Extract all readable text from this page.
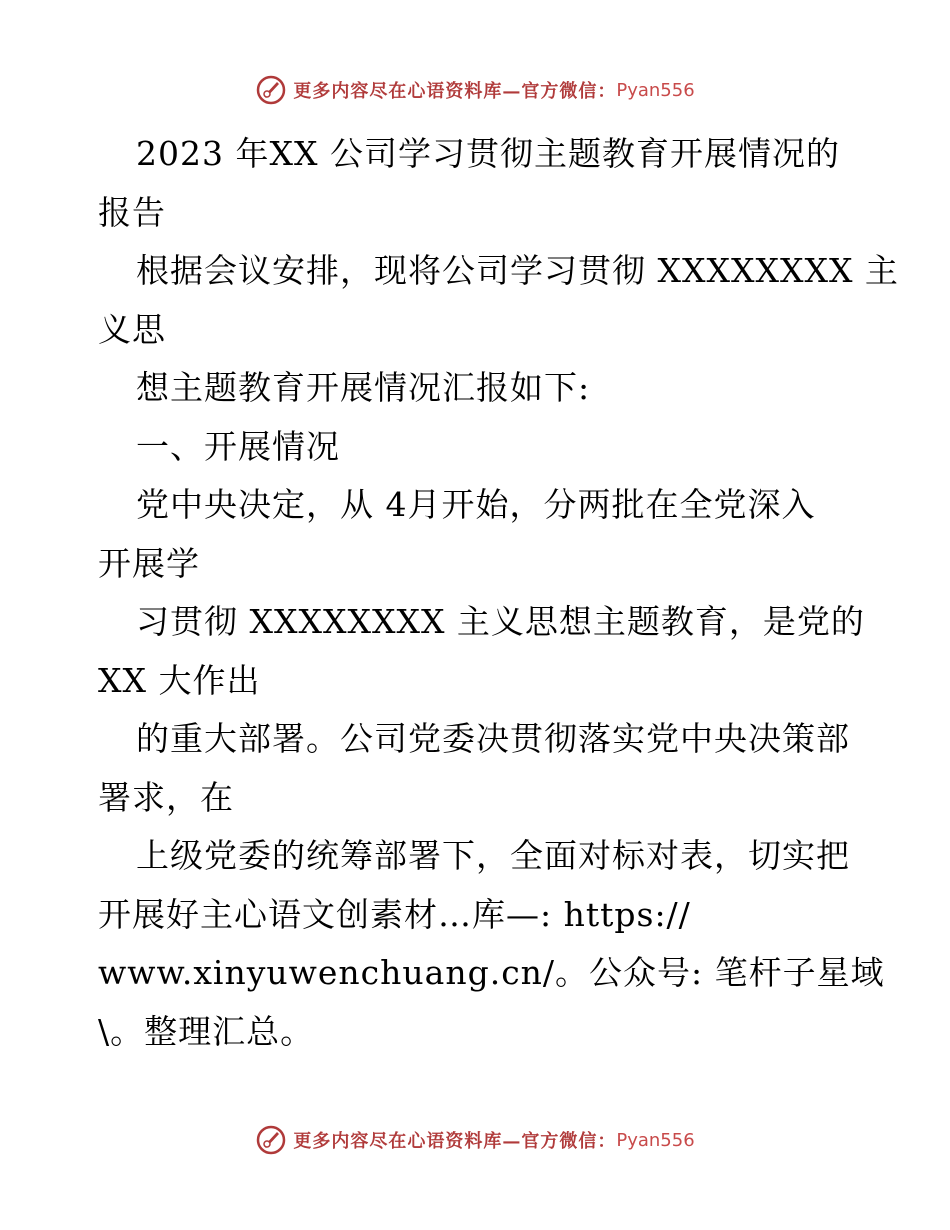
更多内容尽在心语资料库—官方微信： Pyan556
2023 年XX 公司学习贯彻主题教育开展情况的
报告
根据会议安排，现将公司学习贯彻 XXXXXXXX 主
义思
想主题教育开展情况汇报如下:
一、开展情况
党中央决定，从 4月开始，分两批在全党深入
开展学
习贯彻 XXXXXXXX 主义思想主题教育，是党的
XX 大作出
的重大部署。公司党委决贯彻落实党中央决策部
署求，在
上级党委的统筹部署下，全面对标对表，切实把
开展好主心语文创素材…库—: https://
www.xinyuwenchuang.cn/。公众号: 笔杆子星域
\。整理汇总。
更多内容尽在心语资料库—官方微信： Pyan556
